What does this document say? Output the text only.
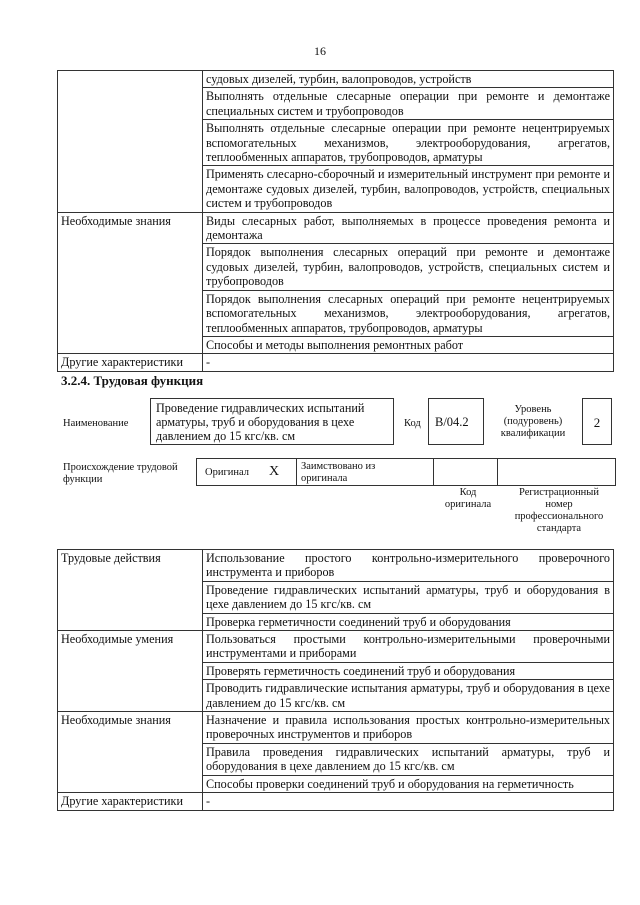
16
	судовых дизелей, турбин, валопроводов, устройств
	Выполнять отдельные слесарные операции при ремонте и демонтаже специальных систем и трубопроводов
	Выполнять отдельные слесарные операции при ремонте нецентрируемых вспомогательных механизмов, электрооборудования, агрегатов, теплообменных аппаратов, трубопроводов, арматуры
	Применять слесарно-сборочный и измерительный инструмент при ремонте и демонтаже судовых дизелей, турбин, валопроводов, устройств, специальных систем и трубопроводов
Необходимые знания	Виды слесарных работ, выполняемых в процессе проведения ремонта и демонтажа
	Порядок выполнения слесарных операций при ремонте и демонтаже судовых дизелей, турбин, валопроводов, устройств, специальных систем и трубопроводов
	Порядок выполнения слесарных операций при ремонте нецентрируемых вспомогательных механизмов, электрооборудования, агрегатов, теплообменных аппаратов, трубопроводов, арматуры
	Способы и методы выполнения ремонтных работ
Другие характеристики	-
3.2.4. Трудовая функция
Наименование
Проведение гидравлических испытаний арматуры, труб и оборудования в цехе давлением до 15 кгс/кв. см
Код	B/04.2
Уровень (подуровень) квалификации
2
Происхождение трудовой функции
Оригинал X Заимствовано из оригинала
Код оригинала
Регистрационный номер профессионального стандарта
Трудовые действия	Использование простого контрольно-измерительного проверочного инструмента и приборов
	Проведение гидравлических испытаний арматуры, труб и оборудования в цехе давлением до 15 кгс/кв. см
	Проверка герметичности соединений труб и оборудования
Необходимые умения	Пользоваться простыми контрольно-измерительными проверочными инструментами и приборами
	Проверять герметичность соединений труб и оборудования
	Проводить гидравлические испытания арматуры, труб и оборудования в цехе давлением до 15 кгс/кв. см
Необходимые знания	Назначение и правила использования простых контрольно-измерительных проверочных инструментов и приборов
	Правила проведения гидравлических испытаний арматуры, труб и оборудования в цехе давлением до 15 кгс/кв. см
	Способы проверки соединений труб и оборудования на герметичность
Другие характеристики	-
